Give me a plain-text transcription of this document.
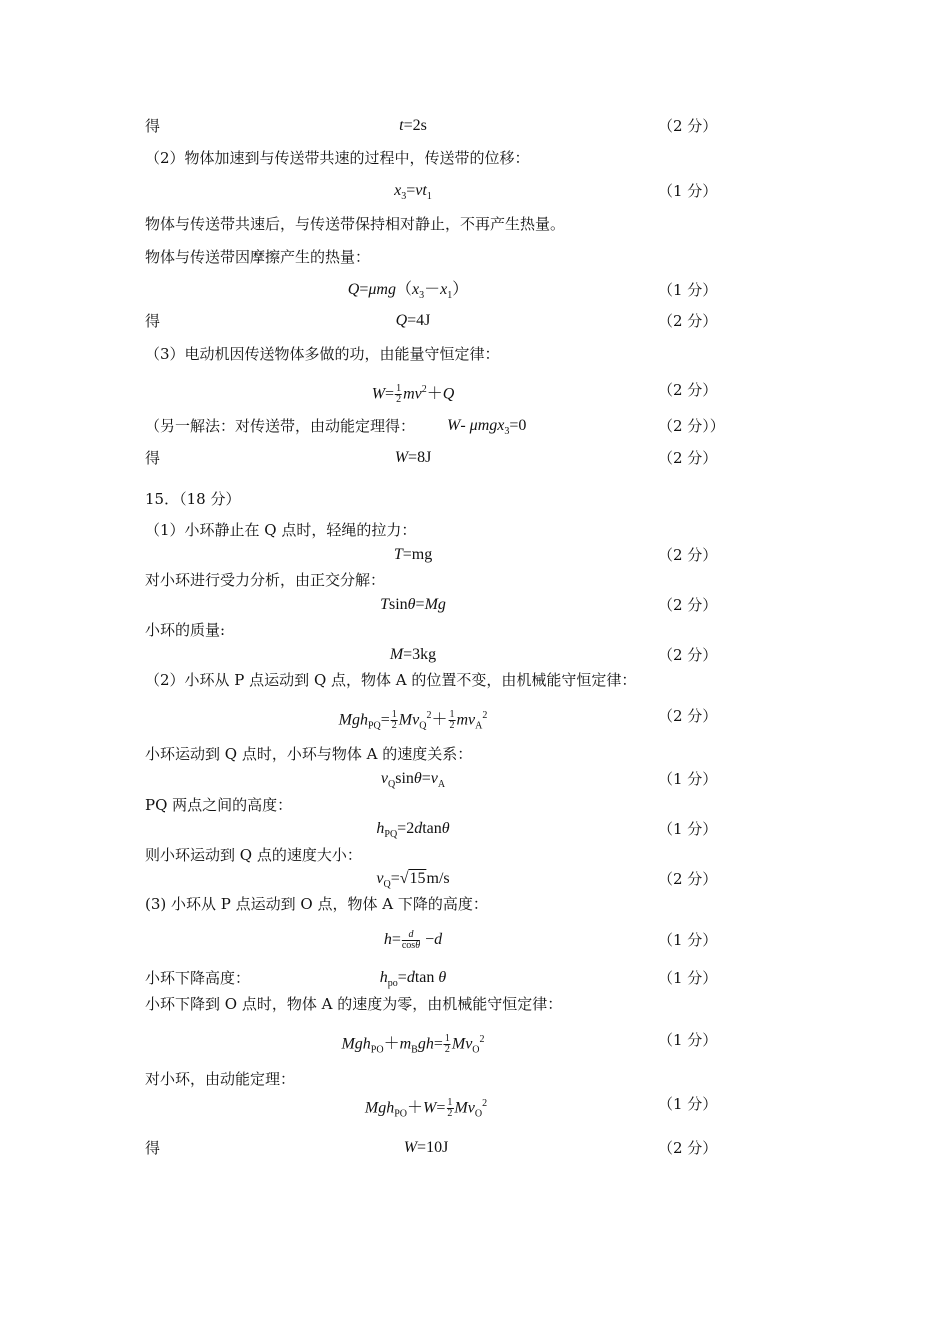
得
（2）物体加速到与传送带共速的过程中，传送带的位移：
物体与传送带共速后，与传送带保持相对静止，不再产生热量。
物体与传送带因摩擦产生的热量：
得
（3）电动机因传送物体多做的功，由能量守恒定律：
（另一解法：对传送带，由动能定理得：
得
15．（18 分）
（1）小环静止在 Q 点时，轻绳的拉力：
对小环进行受力分析，由正交分解：
小环的质量:
（2）小环从 P 点运动到 Q 点，物体 A 的位置不变，由机械能守恒定律：
小环运动到 Q 点时，小环与物体 A 的速度关系：
PQ 两点之间的高度：
则小环运动到 Q 点的速度大小：
(3) 小环从 P 点运动到 O 点，物体 A 下降的高度：
小环下降高度：
小环下降到 O 点时，物体 A 的速度为零，由机械能守恒定律：
对小环，由动能定理：
得
t=2s
$x_3=vt_1$
$Q=\mu mg(x_3-x_1)$
Q=4J
$W= \frac{1}{2} mv^2+Q$
W- μmgx$_3$=0
W=8J
T=mg
Tsinθ=Mg
M=3kg
$Mgh_{PQ}= \frac{1}{2} Mv_Q^2+ \frac{1}{2} mv_A^2$
$v_Q\sin\theta=v_A$
$h_{PQ}=2dtan\theta$
$v_Q=√15m/s$
$h= \frac{d}{\cos\theta} -d$
$h_{po}=dtan$ θ
$Mgh_{PO}+m_Bgh= \frac{1}{2} Mv_O^2$
$Mgh_{PO}+W= \frac{1}{2} Mv_O^2$
W=10J
（2 分）
（1 分）
（1 分）
（2 分）
（2 分）
（2 分））
（2 分）
（2 分）
（2 分）
（2 分）
（2 分）
（1 分）
（1 分）
（2 分）
（1 分）
（1 分）
（1 分）
（1 分）
（2 分）
